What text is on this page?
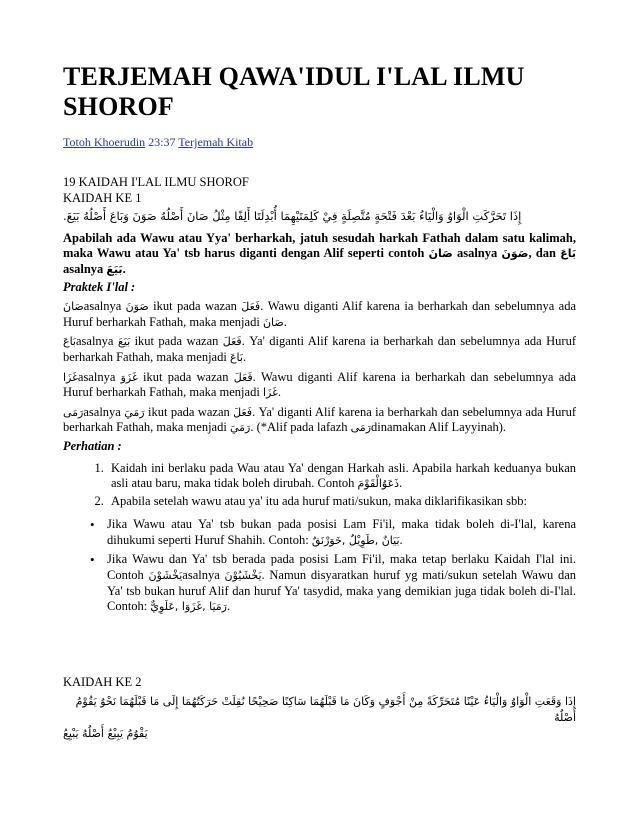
TERJEMAH QAWA'IDUL I'LAL ILMU SHOROF
Totoh Khoerudin 23:37 Terjemah Kitab

19 KAIDAH I'LAL ILMU SHOROF

KAIDAH KE 1

إِذَا تَحَرَّكَتِ الْوَاوُ وَالْيَاءُ بَعْدَ فَتْحَةٍ مُتَّصِلَةٍ فِيْ كَلِمَتَيْهِمَا أُبْدِلَتَا أَلِفًا مِثْلُ صَانَ أَصْلُهُ صَوَنَ وَبَاعَ أَصْلُهُ بَيَعَ.

Apabilah ada Wawu atau Yya' berharkah, jatuh sesudah harkah Fathah dalam satu kalimah, maka Wawu atau Ya' tsb harus diganti dengan Alif seperti contoh صَانَ asalnya صَوَنَ, dan بَاعَ asalnya بَيَعَ.

Praktek I'lal :

صَانَasalnya صَوَنَ ikut pada wazan فَعَلَ. Wawu diganti Alif karena ia berharkah dan sebelumnya ada Huruf berharkah Fathah, maka menjadi صَانَ.

بَاعَasalnya بَيَعَ ikut pada wazan فَعَلَ. Ya' diganti Alif karena ia berharkah dan sebelumnya ada Huruf berharkah Fathah, maka menjadi بَاعَ.

غَزَاasalnya غَزَوَ ikut pada wazan فَعَلَ. Wawu diganti Alif karena ia berharkah dan sebelumnya ada Huruf berharkah Fathah, maka menjadi غَزَا.

رَمَىasalnya رَمَيَ ikut pada wazan فَعَلَ. Ya' diganti Alif karena ia berharkah dan sebelumnya ada Huruf berharkah Fathah, maka menjadi رَمَيَ. (*Alif pada lafazh رَمَىdinamakan Alif Layyinah).

Perhatian :

1. Kaidah ini berlaku pada Wau atau Ya' dengan Harkah asli. Apabila harkah keduanya bukan asli atau baru, maka tidak boleh dirubah. Contoh ذَعَوُالْقَوْمَ.
2. Apabila setelah wawu atau ya' itu ada huruf mati/sukun, maka diklarifikasikan sbb:
• Jika Wawu atau Ya' tsb bukan pada posisi Lam Fi'il, maka tidak boleh di-I'lal, karena dihukumi seperti Huruf Shahih. Contoh: بَيَانٌ ,طَوِيْلٌ ,خَوَرْنَقٌ.
• Jika Wawu dan Ya' tsb berada pada posisi Lam Fi'il, maka tetap berlaku Kaidah I'lal ini. Contoh يَخْشَوْنَasalnya يَخْشَيُوْنَ. Namun disyaratkan huruf yg mati/sukun setelah Wawu dan Ya' tsb bukan huruf Alif dan huruf Ya' tasydid, maka yang demikian juga tidak boleh di-I'lal. Contoh: رَمَيَا ,غَزَوَا ,عَلَوِيٌّ.

KAIDAH KE 2

إِذَا وَقَعَتِ الْوَاوُ وَالْيَاءُ عَيْنًا مُتَحَرِّكَةً مِنْ أَجْوَفٍ وَكَانَ مَا قَبْلَهُمَا سَاكِنًا صَحِيْحًا نُقِلَتْ حَرَكَتُهُمَا إِلَى مَا قَبْلَهُمَا نَحْوُ يَقُوْمُ أَصْلُهُ

يَقْوُمُ يَبِيْعُ أَصْلُهُ يَبْيِعُ
